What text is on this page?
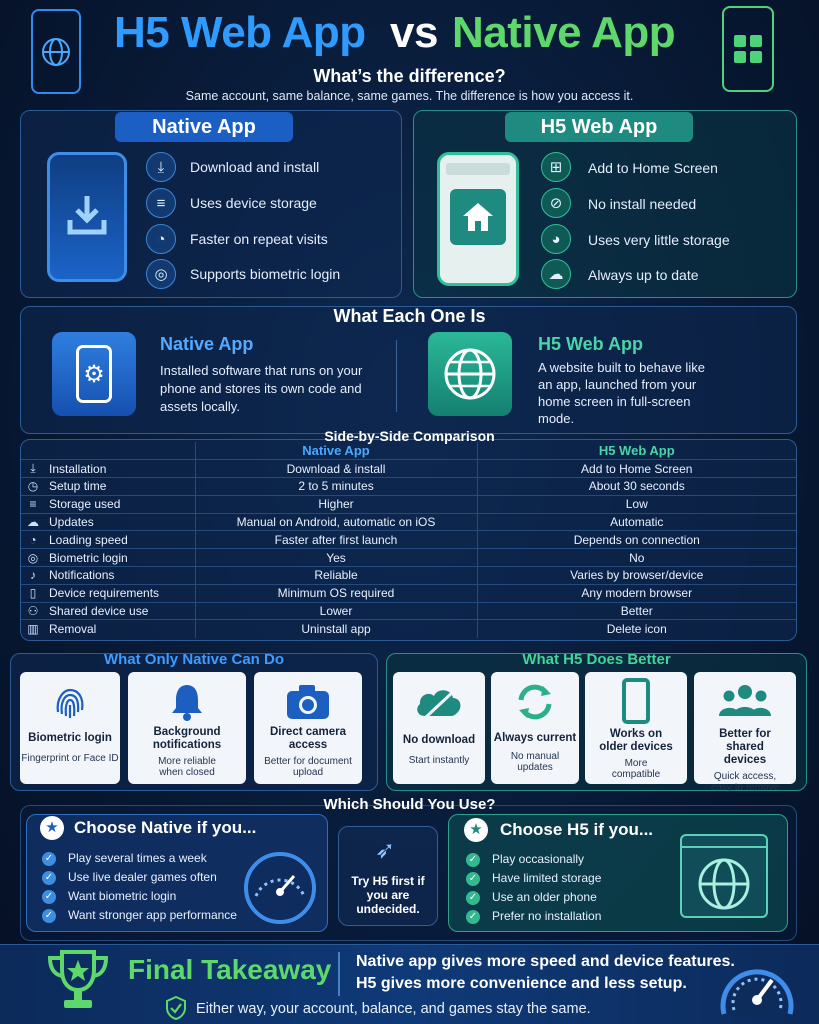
H5 Web App vs Native App
What’s the difference?
Same account, same balance, same games. The difference is how you access it.
Native App
⤓	Download and install
≡	Uses device storage
◔	Faster on repeat visits
◎	Supports biometric login
H5 Web App
⊞	Add to Home Screen
⊘	No install needed
◕	Uses very little storage
☁	Always up to date
What Each One Is
⚙
Native App
Installed software that runs on your phone and stores its own code and assets locally.
H5 Web App
A website built to behave like an app, launched from your home screen in full-screen mode.
Side-by-Side Comparison
		Native App	H5 Web App
⤓	Installation	Download & install	Add to Home Screen
◷	Setup time	2 to 5 minutes	About 30 seconds
≡	Storage used	Higher	Low
☁	Updates	Manual on Android, automatic on iOS	Automatic
◔	Loading speed	Faster after first launch	Depends on connection
◎	Biometric login	Yes	No
♪	Notifications	Reliable	Varies by browser/device
▯	Device requirements	Minimum OS required	Any modern browser
⚇	Shared device use	Lower	Better
▥	Removal	Uninstall app	Delete icon
What Only Native Can Do
Biometric login
Fingerprint or Face ID
Background notifications
More reliable when closed
Direct camera access
Better for document upload
What H5 Does Better
No download
Start instantly
Always current
No manual updates
Works on older devices
More compatible
Better for shared devices
Quick access, easy to remove
Which Should You Use?
★ Choose Native if you...
✓ Play several times a week
✓ Use live dealer games often
✓ Want biometric login
✓ Want stronger app performance
➶
Try H5 first if you are undecided.
★	Choose H5 if you...
✓ Play occasionally
✓ Have limited storage
✓ Use an older phone
✓ Prefer no installation
Final Takeaway Native app gives more speed and device features.
H5 gives more convenience and less setup.
Either way, your account, balance, and games stay the same.
